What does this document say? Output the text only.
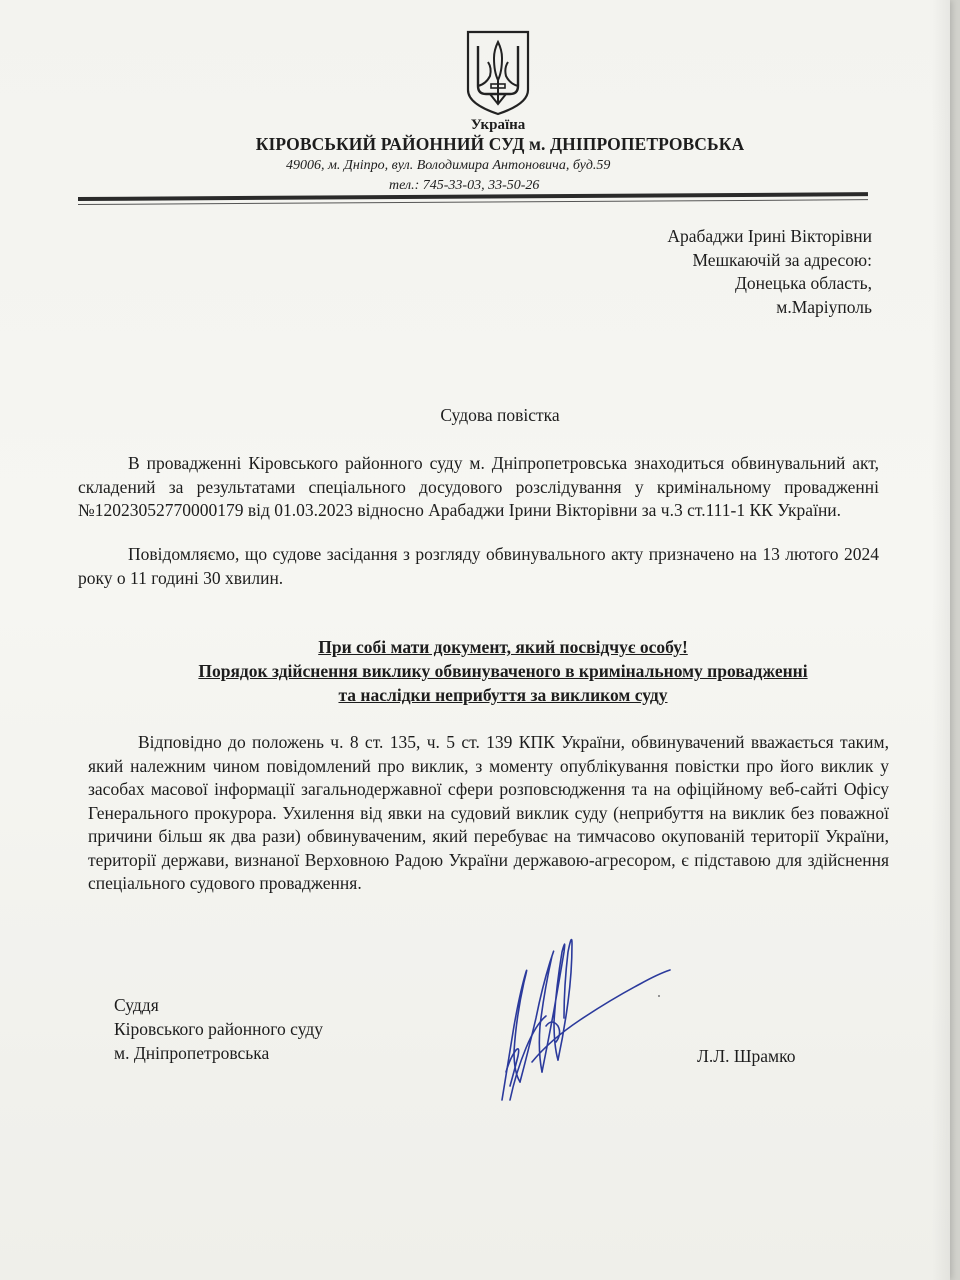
Україна
КІРОВСЬКИЙ РАЙОННИЙ СУД м. ДНІПРОПЕТРОВСЬКА
49006, м. Дніпро, вул. Володимира Антоновича, буд.59
тел.: 745-33-03, 33-50-26
Арабаджи Ірині Вікторівни
Мешкаючій за адресою:
Донецька область,
м.Маріуполь
Судова повістка

В провадженні Кіровського районного суду м. Дніпропетровська знаходиться обвинувальний акт, складений за результатами спеціального досудового розслідування у кримінальному провадженні №12023052770000179 від 01.03.2023 відносно Арабаджи Ірини Вікторівни за ч.3 ст.111-1 КК України.

Повідомляємо, що судове засідання з розгляду обвинувального акту призначено на 13 лютого 2024 року о 11 годині 30 хвилин.

При собі мати документ, який посвідчує особу!
Порядок здійснення виклику обвинуваченого в кримінальному провадженні
та наслідки неприбуття за викликом суду

Відповідно до положень ч. 8 ст. 135, ч. 5 ст. 139 КПК України, обвинувачений вважається таким, який належним чином повідомлений про виклик, з моменту опублікування повістки про його виклик у засобах масової інформації загальнодержавної сфери розповсюдження та на офіційному веб-сайті Офісу Генерального прокурора. Ухилення від явки на судовий виклик суду (неприбуття на виклик без поважної причини більш як два рази) обвинуваченим, який перебуває на тимчасово окупованій території України, території держави, визнаної Верховною Радою України державою-агресором, є підставою для здійснення спеціального судового провадження.

Суддя
Кіровського районного суду
м. Дніпропетровська	Л.Л. Шрамко
